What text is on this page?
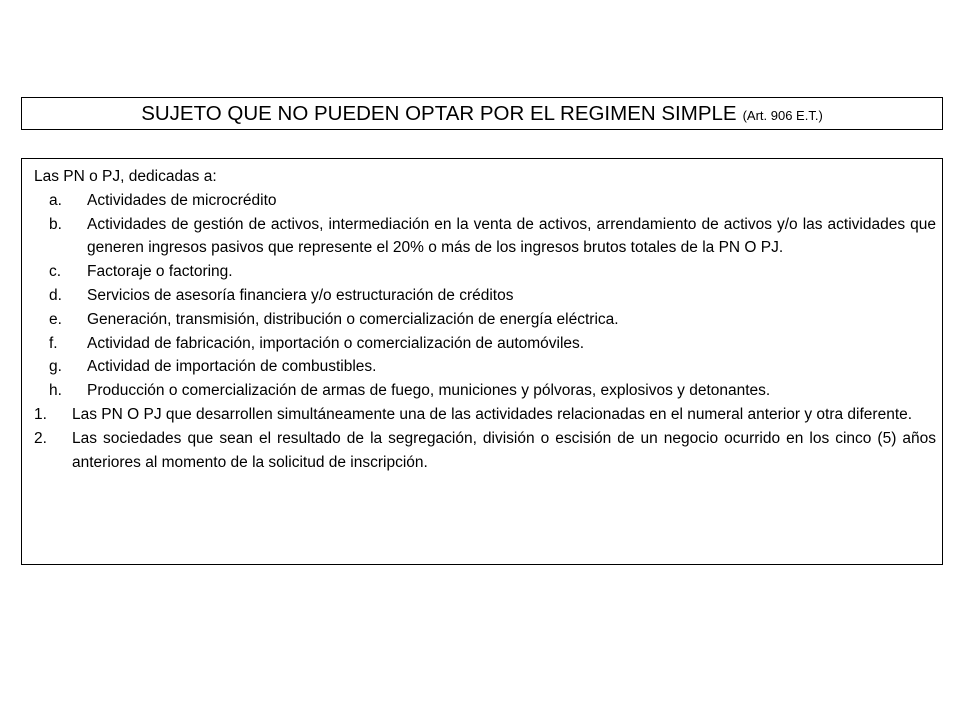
SUJETO QUE NO PUEDEN OPTAR POR EL REGIMEN SIMPLE (Art. 906 E.T.)

Las PN o PJ, dedicadas a:

a.	Actividades de microcrédito
b.	Actividades de gestión de activos, intermediación en la venta de activos, arrendamiento de activos y/o las actividades que generen ingresos pasivos que represente el 20% o más de los ingresos brutos totales de la PN O PJ.
c.	Factoraje o factoring.
d.	Servicios de asesoría financiera y/o estructuración de créditos
e.	Generación, transmisión, distribución o comercialización de energía eléctrica.
f.	Actividad de fabricación, importación o comercialización de automóviles.
g.	Actividad de importación de combustibles.
h.	Producción o comercialización de armas de fuego, municiones y pólvoras, explosivos y detonantes.
1.	Las PN O PJ que desarrollen simultáneamente una de las actividades relacionadas en el numeral anterior y otra diferente.
2.	Las sociedades que sean el resultado de la segregación, división o escisión de un negocio ocurrido en los cinco (5) años anteriores al momento de la solicitud de inscripción.
